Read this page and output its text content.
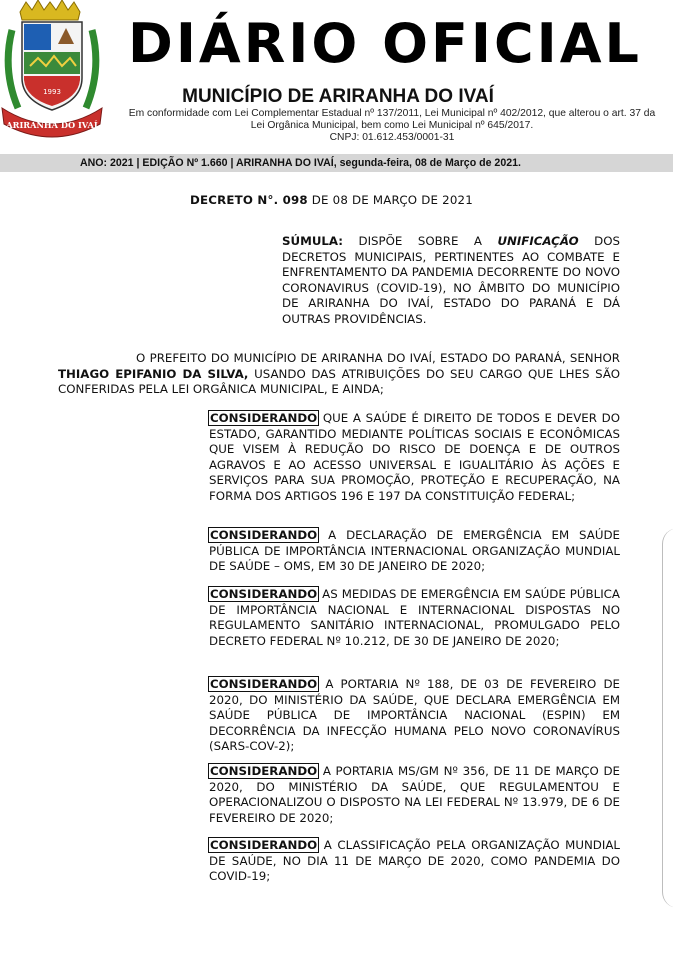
1993
ARIRANHA DO IVAÍ
DIÁRIO OFICIAL
MUNICÍPIO DE ARIRANHA DO IVAÍ
Em conformidade com Lei Complementar Estadual nº 137/2011, Lei Municipal nº 402/2012, que alterou o art. 37 da
Lei Orgânica Municipal, bem como Lei Municipal nº 645/2017.
CNPJ: 01.612.453/0001-31
ANO: 2021 | EDIÇÃO Nº 1.660 | ARIRANHA DO IVAÍ, segunda-feira, 08 de Março de 2021.
DECRETO N°. 098 DE 08 DE MARÇO DE 2021
SÚMULA: DISPÕE SOBRE A UNIFICAÇÃO DOS DECRETOS MUNICIPAIS, PERTINENTES AO COMBATE E ENFRENTAMENTO DA PANDEMIA DECORRENTE DO NOVO CORONAVIRUS (COVID-19), NO ÂMBITO DO MUNICÍPIO DE ARIRANHA DO IVAÍ, ESTADO DO PARANÁ E DÁ OUTRAS PROVIDÊNCIAS.
O PREFEITO DO MUNICÍPIO DE ARIRANHA DO IVAÍ, ESTADO DO PARANÁ, SENHOR THIAGO EPIFANIO DA SILVA, USANDO DAS ATRIBUIÇÕES DO SEU CARGO QUE LHES SÃO CONFERIDAS PELA LEI ORGÂNICA MUNICIPAL, E AINDA;
CONSIDERANDO QUE A SAÚDE É DIREITO DE TODOS E DEVER DO ESTADO, GARANTIDO MEDIANTE POLÍTICAS SOCIAIS E ECONÔMICAS QUE VISEM À REDUÇÃO DO RISCO DE DOENÇA E DE OUTROS AGRAVOS E AO ACESSO UNIVERSAL E IGUALITÁRIO ÀS AÇÕES E SERVIÇOS PARA SUA PROMOÇÃO, PROTEÇÃO E RECUPERAÇÃO, NA FORMA DOS ARTIGOS 196 E 197 DA CONSTITUIÇÃO FEDERAL;
CONSIDERANDO A DECLARAÇÃO DE EMERGÊNCIA EM SAÚDE PÚBLICA DE IMPORTÂNCIA INTERNACIONAL ORGANIZAÇÃO MUNDIAL DE SAÚDE – OMS, EM 30 DE JANEIRO DE 2020;
CONSIDERANDO AS MEDIDAS DE EMERGÊNCIA EM SAÚDE PÚBLICA DE IMPORTÂNCIA NACIONAL E INTERNACIONAL DISPOSTAS NO REGULAMENTO SANITÁRIO INTERNACIONAL, PROMULGADO PELO DECRETO FEDERAL Nº 10.212, DE 30 DE JANEIRO DE 2020;
CONSIDERANDO A PORTARIA Nº 188, DE 03 DE FEVEREIRO DE 2020, DO MINISTÉRIO DA SAÚDE, QUE DECLARA EMERGÊNCIA EM SAÚDE PÚBLICA DE IMPORTÂNCIA NACIONAL (ESPIN) EM DECORRÊNCIA DA INFECÇÃO HUMANA PELO NOVO CORONAVÍRUS (SARS-COV-2);
CONSIDERANDO A PORTARIA MS/GM Nº 356, DE 11 DE MARÇO DE 2020, DO MINISTÉRIO DA SAÚDE, QUE REGULAMENTOU E OPERACIONALIZOU O DISPOSTO NA LEI FEDERAL Nº 13.979, DE 6 DE FEVEREIRO DE 2020;
CONSIDERANDO A CLASSIFICAÇÃO PELA ORGANIZAÇÃO MUNDIAL DE SAÚDE, NO DIA 11 DE MARÇO DE 2020, COMO PANDEMIA DO COVID-19;
